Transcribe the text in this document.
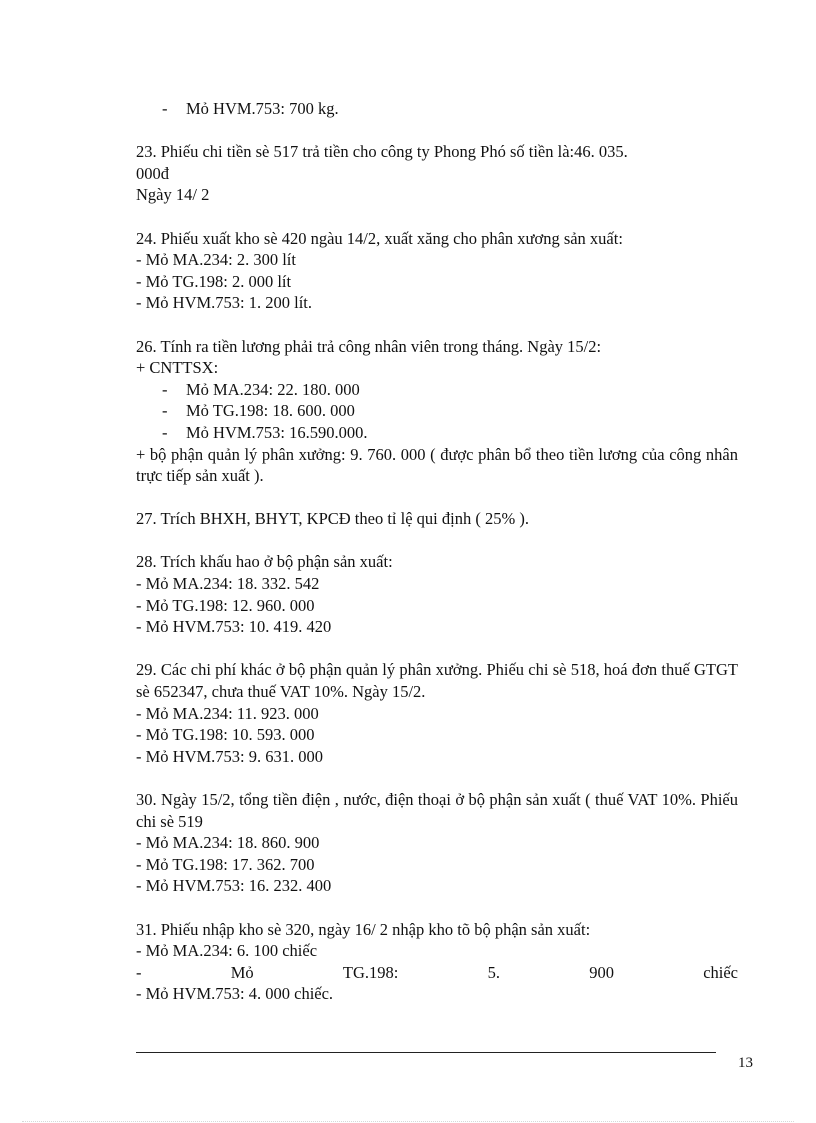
- Mỏ HVM.753: 700 kg.
23. Phiếu chi tiền sè 517 trả tiền cho công ty Phong Phó số tiền là:46. 035.
000đ
Ngày 14/ 2
24. Phiếu xuất kho sè 420 ngàu 14/2, xuất xăng cho phân xương sản xuất:
- Mỏ MA.234: 2. 300 lít
- Mỏ TG.198: 2. 000 lít
- Mỏ HVM.753: 1. 200 lít.
26. Tính ra tiền lương phải trả công nhân viên trong tháng. Ngày 15/2:
+ CNTTSX:
- Mỏ MA.234: 22. 180. 000
- Mỏ TG.198: 18. 600. 000
- Mỏ HVM.753: 16.590.000.
+ bộ phận quản lý phân xưởng: 9. 760. 000 ( được phân bổ theo tiền lương của công nhân trực tiếp sản xuất ).
27. Trích BHXH, BHYT, KPCĐ theo tỉ lệ qui định ( 25% ).
28. Trích khấu hao ở bộ phận sản xuất:
- Mỏ MA.234: 18. 332. 542
- Mỏ TG.198: 12. 960. 000
- Mỏ HVM.753: 10. 419. 420
29. Các chi phí khác ở bộ phận quản lý phân xưởng. Phiếu chi sè 518, hoá đơn thuế GTGT sè 652347, chưa thuế VAT 10%. Ngày 15/2.
- Mỏ MA.234: 11. 923. 000
- Mỏ TG.198: 10. 593. 000
- Mỏ HVM.753: 9. 631. 000
30. Ngày 15/2, tổng tiền điện , nước, điện thoại ở bộ phận sản xuất ( thuế VAT 10%. Phiếu chi sè 519
- Mỏ MA.234: 18. 860. 900
- Mỏ TG.198: 17. 362. 700
- Mỏ HVM.753: 16. 232. 400
31. Phiếu nhập kho sè 320, ngày 16/ 2 nhập kho tõ bộ phận sản xuất:
- Mỏ MA.234: 6. 100 chiếc
-	Mỏ	TG.198:	5.	900	chiếc
- Mỏ HVM.753: 4. 000 chiếc.
13
